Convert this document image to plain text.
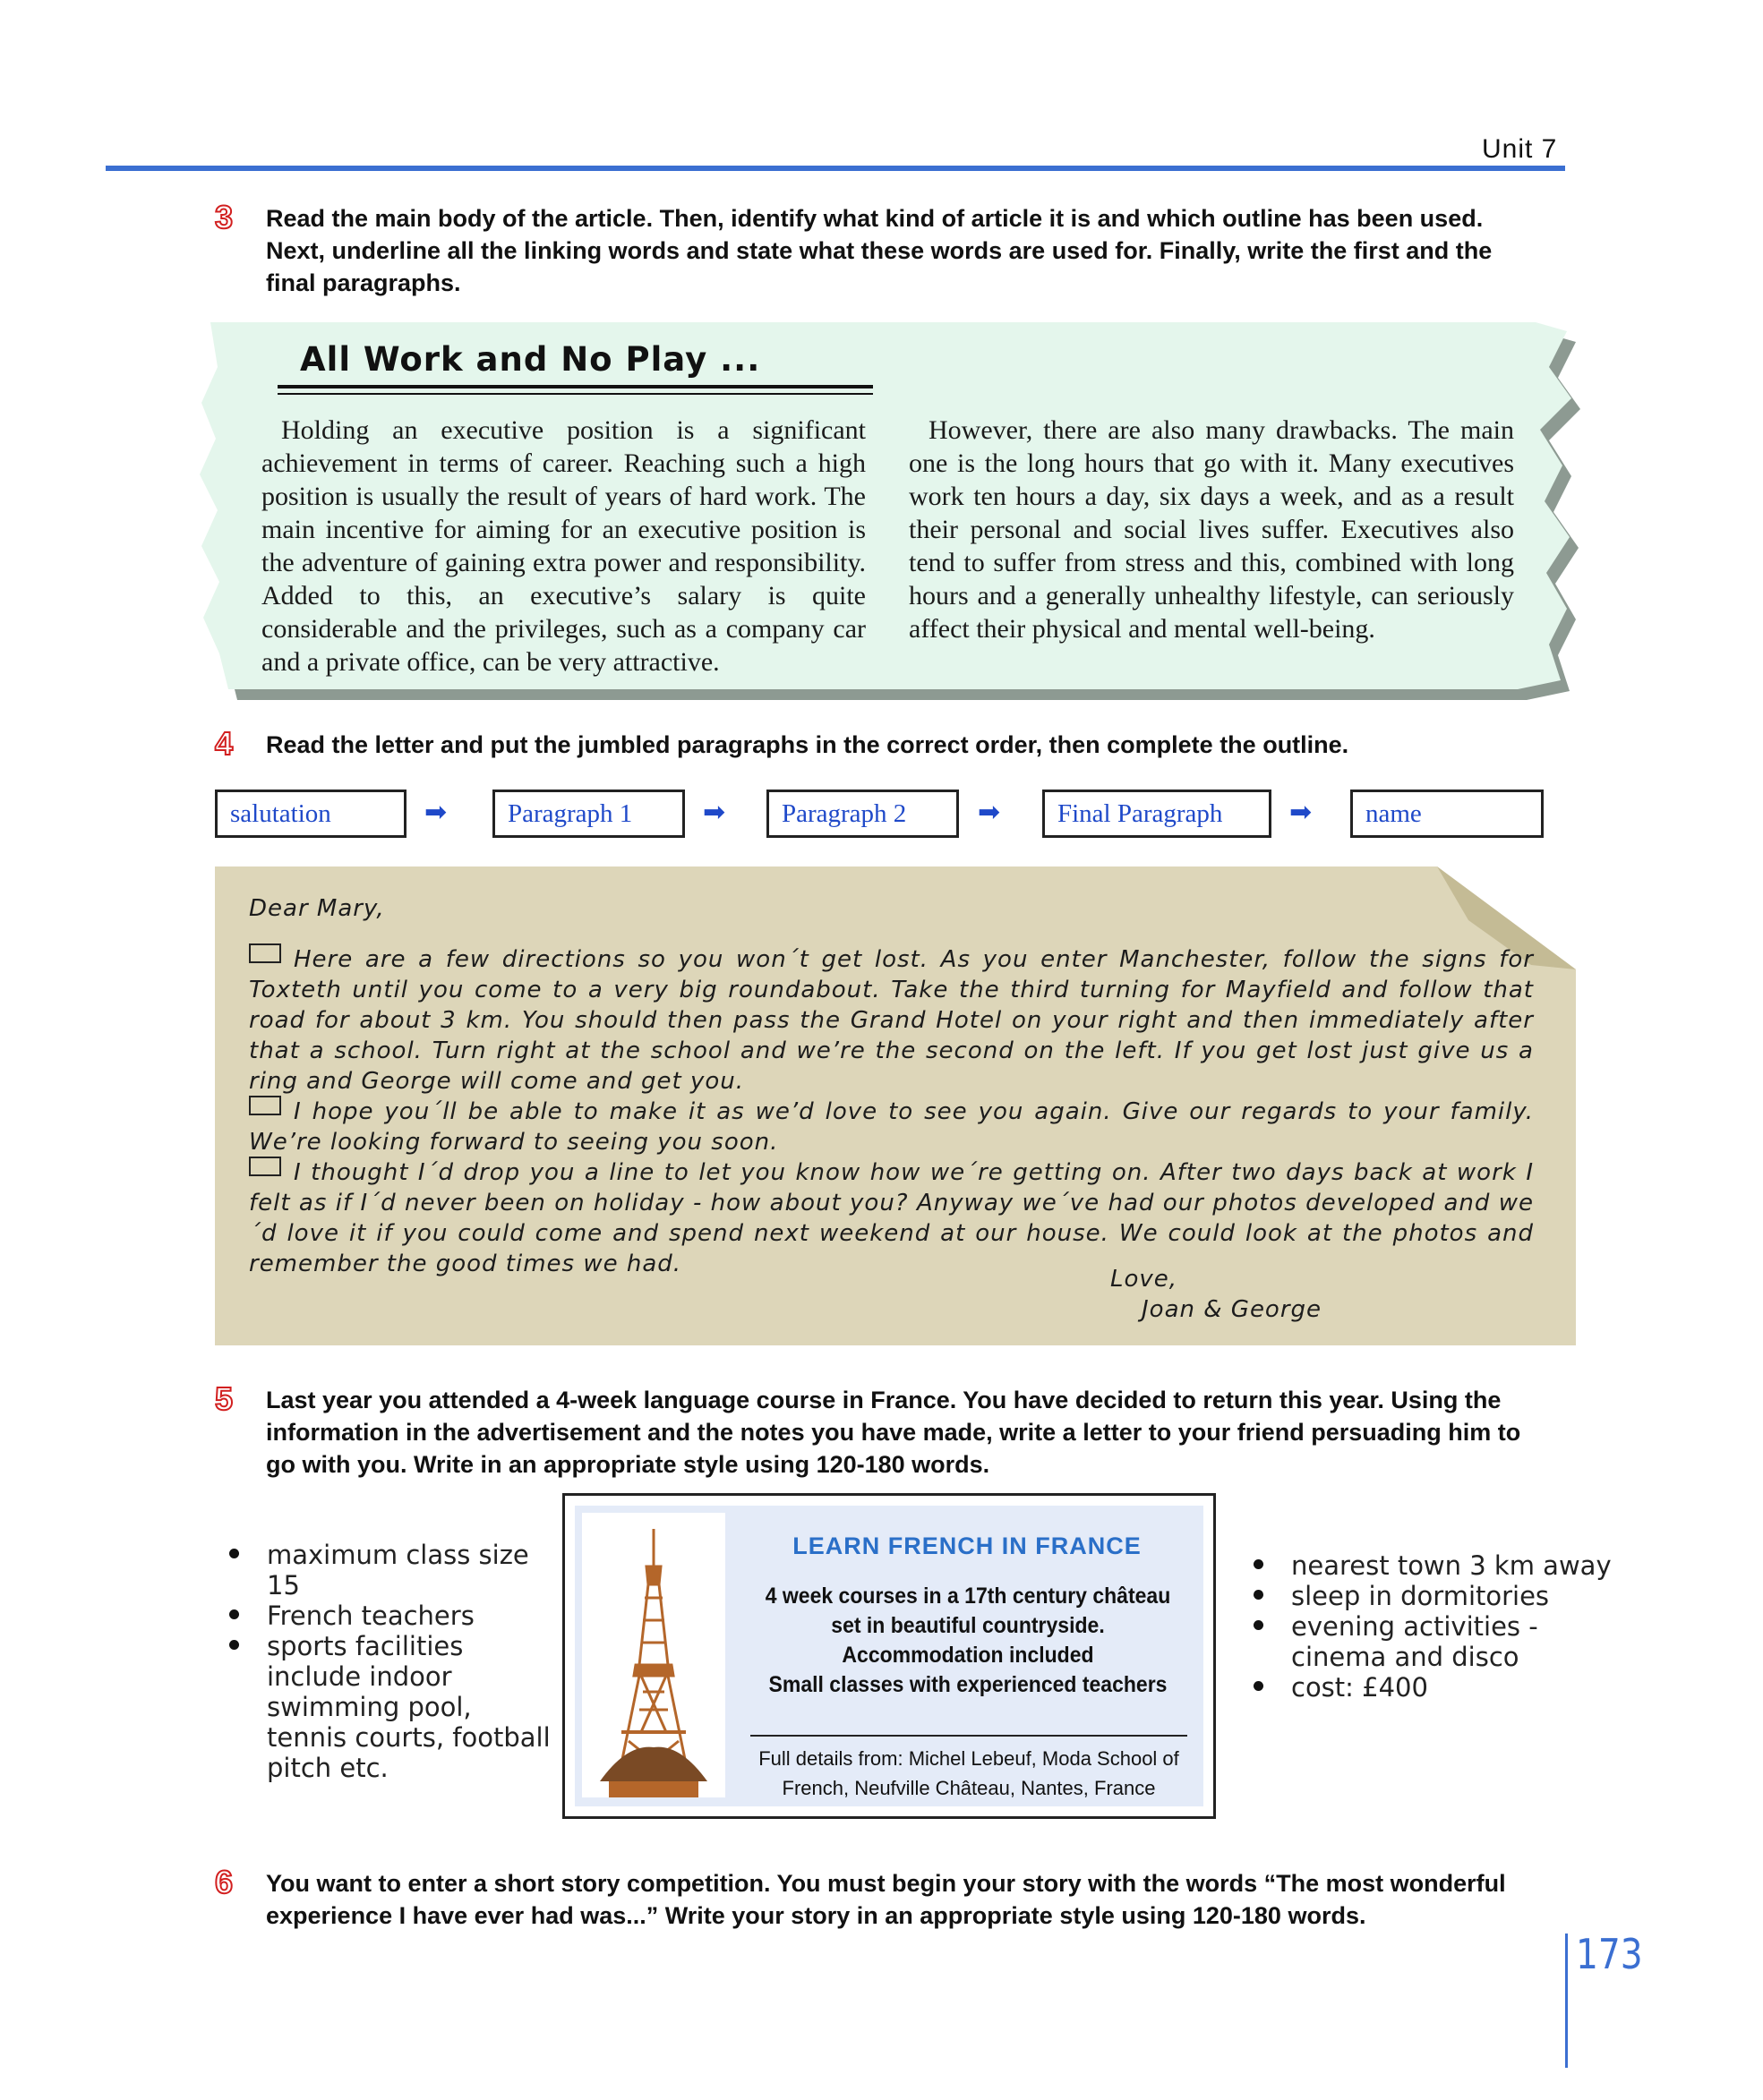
Unit 7
3 Read the main body of the article. Then, identify what kind of article it is and which outline has been used. Next, underline all the linking words and state what these words are used for. Finally, write the first and the final paragraphs.
All Work and No Play ...
Holding an executive position is a significant achievement in terms of career. Reaching such a high position is usually the result of years of hard work. The main incentive for aiming for an executive position is the adventure of gaining extra power and responsibility. Added to this, an executive’s salary is quite considerable and the privileges, such as a company car and a private office, can be very attractive.
However, there are also many drawbacks. The main one is the long hours that go with it. Many executives work ten hours a day, six days a week, and as a result their personal and social lives suffer. Executives also tend to suffer from stress and this, combined with long hours and a generally unhealthy lifestyle, can seriously affect their physical and mental well-being.
4 Read the letter and put the jumbled paragraphs in the correct order, then complete the outline.
salutation	➡	Paragraph 1	➡	Paragraph 2	➡	Final Paragraph	➡	name
Dear Mary,
Here are a few directions so you won´t get lost. As you enter Manchester, follow the signs for Toxteth until you come to a very big roundabout. Take the third turning for Mayfield and follow that road for about 3 km. You should then pass the Grand Hotel on your right and then immediately after that a school. Turn right at the school and we’re the second on the left. If you get lost just give us a ring and George will come and get you.
I hope you´ll be able to make it as we’d love to see you again. Give our regards to your family. We’re looking forward to seeing you soon.
I thought I´d drop you a line to let you know how we´re getting on. After two days back at work I felt as if I´d never been on holiday - how about you? Anyway we´ve had our photos developed and we´d love it if you could come and spend next weekend at our house. We could look at the photos and remember the good times we had.
Love,
Joan & George
5 Last year you attended a 4-week language course in France. You have decided to return this year. Using the information in the advertisement and the notes you have made, write a letter to your friend persuading him to go with you. Write in an appropriate style using 120-180 words.
maximum class size 15
French teachers
sports facilities include indoor swimming pool, tennis courts, football pitch etc.
LEARN FRENCH IN FRANCE
4 week courses in a 17th century château set in beautiful countryside.
Accommodation included
Small classes with experienced teachers
Full details from: Michel Lebeuf, Moda School of French, Neufville Château, Nantes, France
nearest town 3 km away
sleep in dormitories
evening activities - cinema and disco
cost: £400
6 You want to enter a short story competition. You must begin your story with the words “The most wonderful experience I have ever had was...” Write your story in an appropriate style using 120-180 words.
173
